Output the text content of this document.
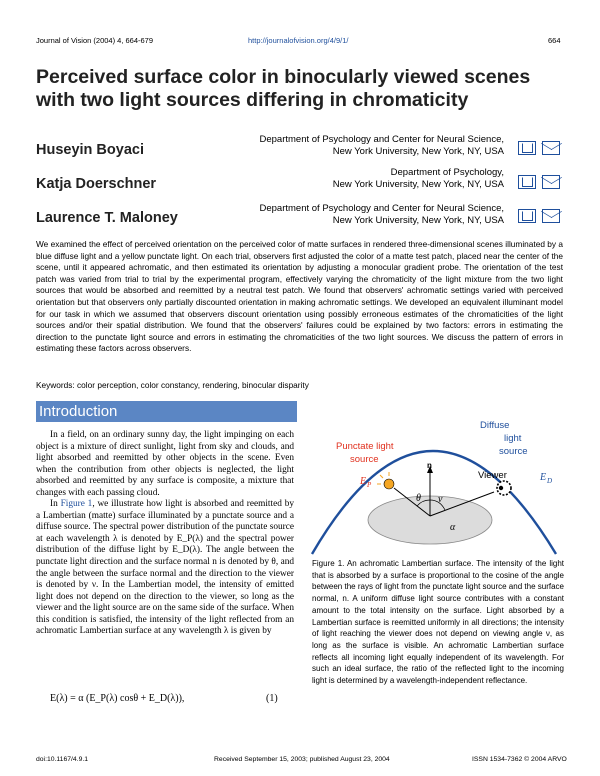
Journal of Vision (2004) 4, 664-679	http://journalofvision.org/4/9/1/	664
Perceived surface color in binocularly viewed scenes with two light sources differing in chromaticity
Huseyin Boyaci
Department of Psychology and Center for Neural Science,
New York University, New York, NY, USA
Katja Doerschner
Department of Psychology,
New York University, New York, NY, USA
Laurence T. Maloney
Department of Psychology and Center for Neural Science,
New York University, New York, NY, USA
We examined the effect of perceived orientation on the perceived color of matte surfaces in rendered three-dimensional scenes illuminated by a blue diffuse light and a yellow punctate light. On each trial, observers first adjusted the color of a matte test patch, placed near the center of the scene, until it appeared achromatic, and then estimated its orientation by adjusting a monocular gradient probe. The orientation of the test patch was varied from trial to trial by the experimental program, effectively varying the chromaticity of the light mixture from the two light sources that would be absorbed and reemitted by a neutral test patch. We found that observers' achromatic settings varied with perceived orientation but that observers only partially discounted orientation in making achromatic settings. We developed an equivalent illuminant model for our task in which we assumed that observers discount orientation using possibly erroneous estimates of the chromaticities of the light sources and/or their spatial distribution. We found that the observers' failures could be explained by two factors: errors in estimating the direction to the punctate light source and errors in estimating the chromaticities of the two light sources. We discuss the pattern of errors in estimating these factors across observers.
Keywords: color perception, color constancy, rendering, binocular disparity
Introduction

In a field, on an ordinary sunny day, the light impinging on each object is a mixture of direct sunlight, light from sky and clouds, and light absorbed and reemitted by other objects in the scene. Even when the contribution from other objects is neglected, the light absorbed and reemitted by any surface is composite, a mixture that changes with each passing cloud.

In Figure 1, we illustrate how light is absorbed and reemitted by a Lambertian (matte) surface illuminated by a punctate source and a diffuse source. The spectral power distribution of the punctate source at each wavelength λ is denoted by E_P(λ) and the spectral power distribution of the diffuse light by E_D(λ). The angle between the punctate light direction and the surface normal n is denoted by θ, and the angle between the surface normal and the direction to the viewer is denoted by ν. In the Lambertian model, the intensity of emitted light does not depend on the direction to the viewer, so long as the viewer and the light source are on the same side of the surface. When this condition is satisfied, the intensity of the light reflected from an achromatic Lambertian surface at any wavelength λ is given by

E(λ) = α (E_P(λ) cosθ + E_D(λ)),	(1)
Diffuse
light
source
Punctate light
source
E P
E D
Viewer
n
θ ν
α
Figure 1. An achromatic Lambertian surface. The intensity of the light that is absorbed by a surface is proportional to the cosine of the angle between the rays of light from the punctate light source and the surface normal, n. A uniform diffuse light source contributes with a constant amount to the total intensity on the surface. Light absorbed by a Lambertian surface is reemitted uniformly in all directions; the intensity of light reaching the viewer does not depend on viewing angle ν, as long as the surface is visible. An achromatic Lambertian surface reflects all incoming light equally independent of its wavelength. For such an ideal surface, the ratio of the reflected light to the incoming light is determined by a wavelength-independent reflectance.
doi:10.1167/4.9.1	Received September 15, 2003; published August 23, 2004	ISSN 1534-7362 © 2004 ARVO
